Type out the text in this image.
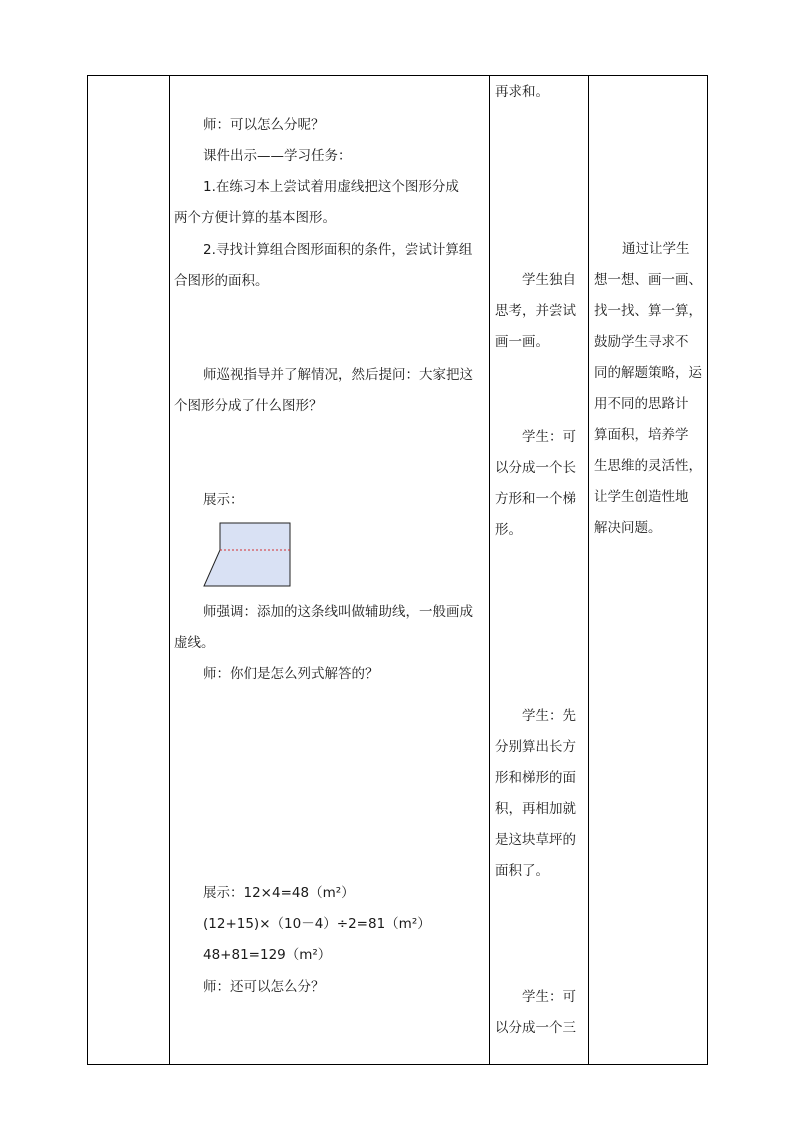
师：可以怎么分呢？
课件出示——学习任务：
1.在练习本上尝试着用虚线把这个图形分成
两个方便计算的基本图形。
2.寻找计算组合图形面积的条件，尝试计算组
合图形的面积。
师巡视指导并了解情况，然后提问：大家把这
个图形分成了什么图形？
展示：
师强调：添加的这条线叫做辅助线，一般画成
虚线。
师：你们是怎么列式解答的？
展示：12×4=48（m²）
(12+15)×（10－4）÷2=81（m²）
48+81=129（m²）
师：还可以怎么分？
再求和。
学生独自
思考，并尝试
画一画。
学生：可
以分成一个长
方形和一个梯
形。
学生：先
分别算出长方
形和梯形的面
积，再相加就
是这块草坪的
面积了。
学生：可
以分成一个三
通过让学生
想一想、画一画、
找一找、算一算，
鼓励学生寻求不
同的解题策略，运
用不同的思路计
算面积，培养学
生思维的灵活性，
让学生创造性地
解决问题。
